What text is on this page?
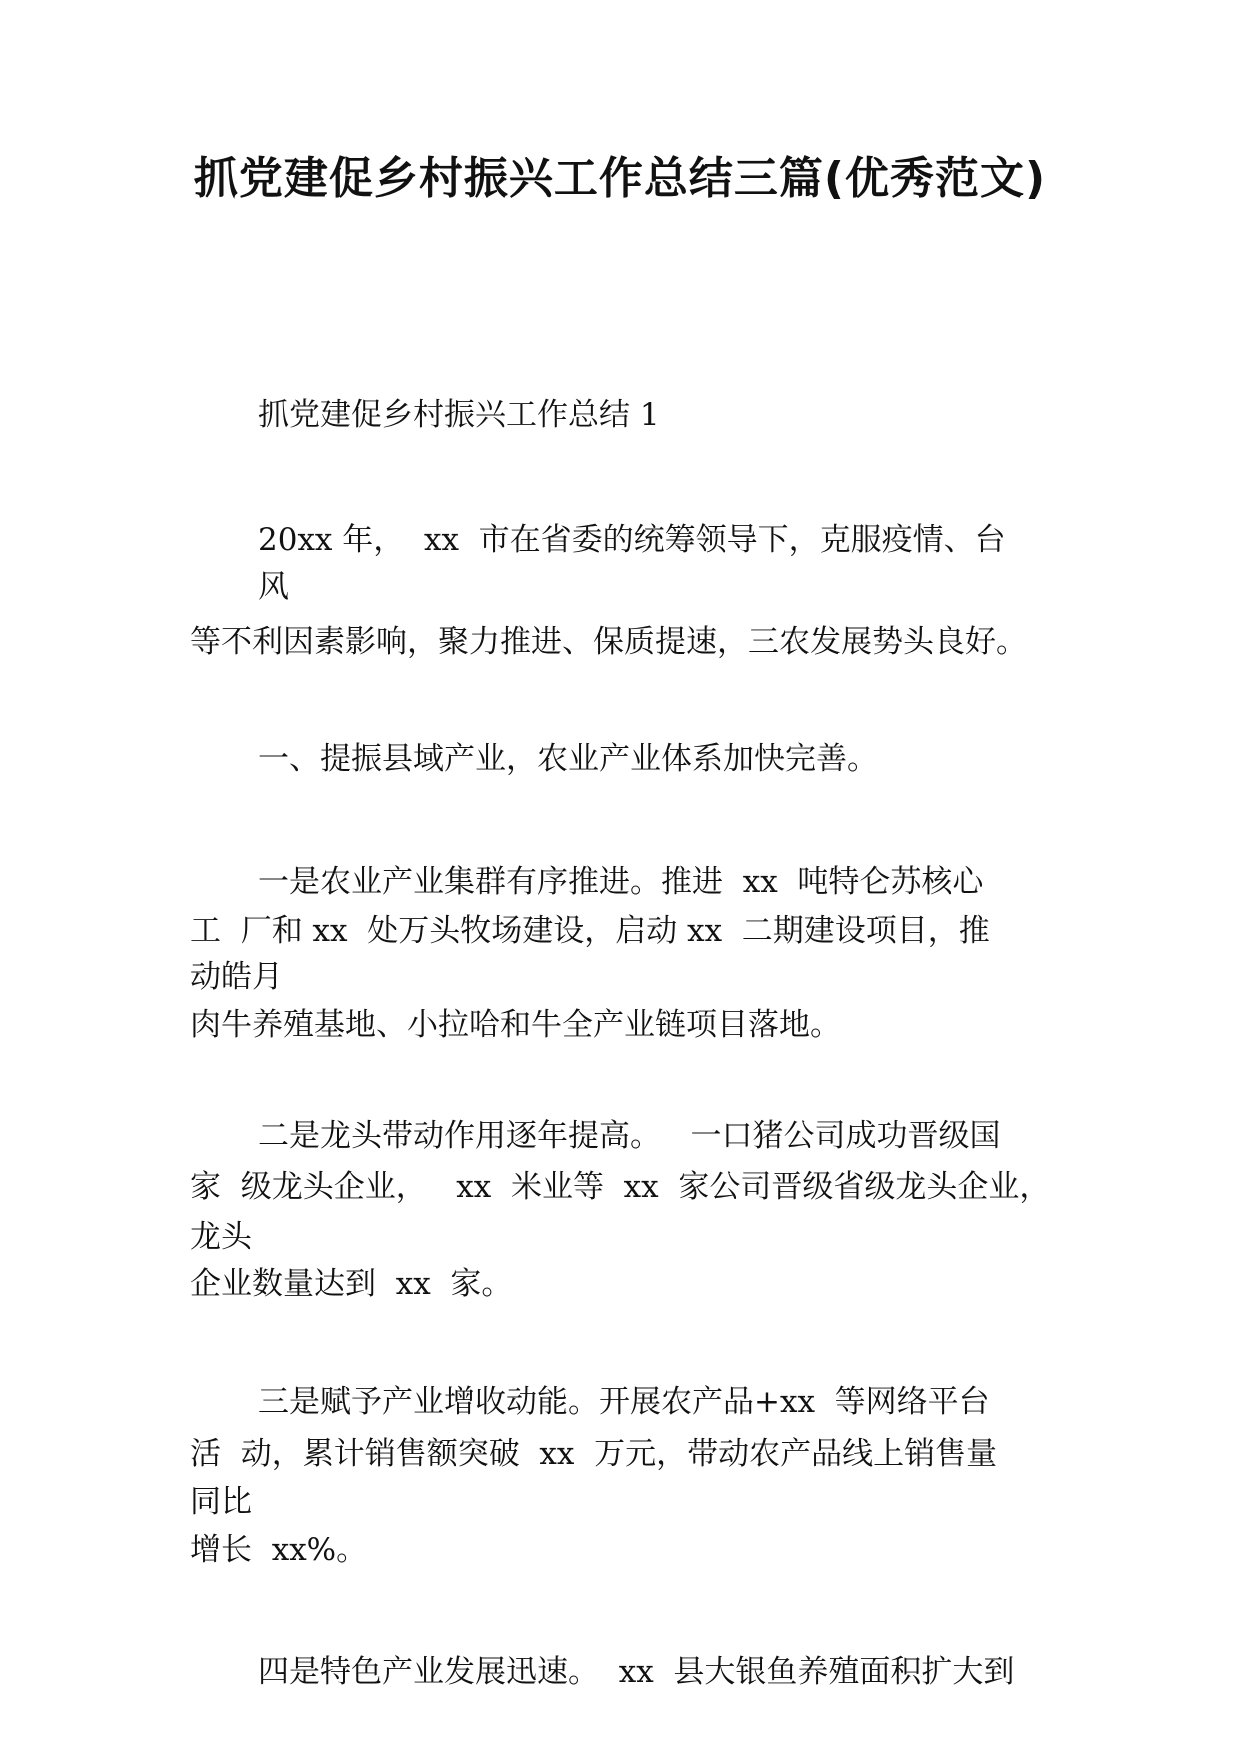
抓党建促乡村振兴工作总结三篇(优秀范文)

抓党建促乡村振兴工作总结 1

20xx 年，  xx  市在省委的统筹领导下，克服疫情、台

风

等不利因素影响，聚力推进、保质提速，三农发展势头良好。

一、提振县域产业，农业产业体系加快完善。

一是农业产业集群有序推进。推进  xx  吨特仑苏核心

工  厂和 xx  处万头牧场建设，启动 xx  二期建设项目，推

动皓月

肉牛养殖基地、小拉哈和牛全产业链项目落地。

二是龙头带动作用逐年提高。   一口猪公司成功晋级国

家  级龙头企业，   xx  米业等  xx  家公司晋级省级龙头企业，

龙头

企业数量达到  xx  家。

三是赋予产业增收动能。开展农产品+xx  等网络平台

活  动，累计销售额突破  xx  万元，带动农产品线上销售量

同比

增长  xx%。

四是特色产业发展迅速。  xx  县大银鱼养殖面积扩大到
